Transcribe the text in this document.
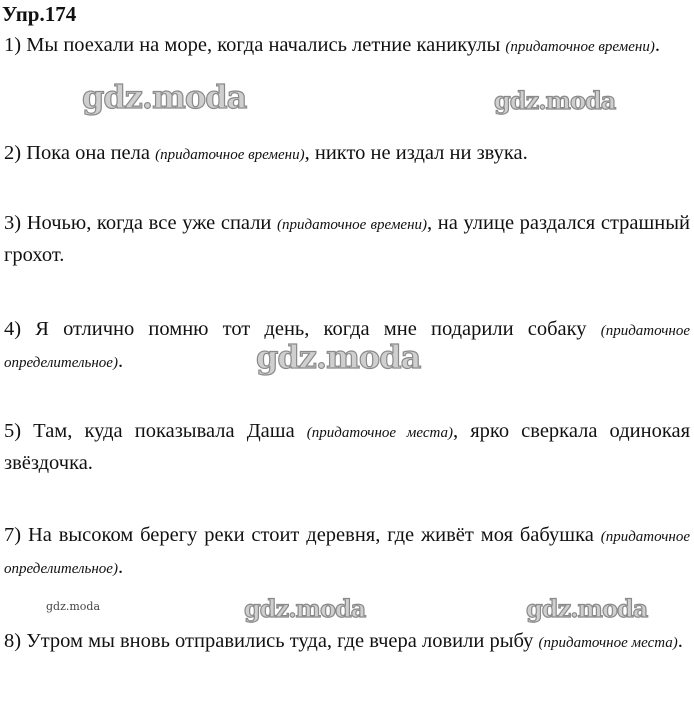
Упр.174
1) Мы поехали на море, когда начались летние каникулы (придаточное времени).
2) Пока она пела (придаточное времени), никто не издал ни звука.
3) Ночью, когда все уже спали (придаточное времени), на улице раздался страшный грохот.
4) Я отлично помню тот день, когда мне подарили собаку (придаточное определительное).
5) Там, куда показывала Даша (придаточное места), ярко сверкала одинокая звёздочка.
7) На высоком берегу реки стоит деревня, где живёт моя бабушка (придаточное определительное).
8) Утром мы вновь отправились туда, где вчера ловили рыбу (придаточное места).
gdz.moda	gdz.moda
gdz.moda
gdz.moda	gdz.moda	gdz.moda
